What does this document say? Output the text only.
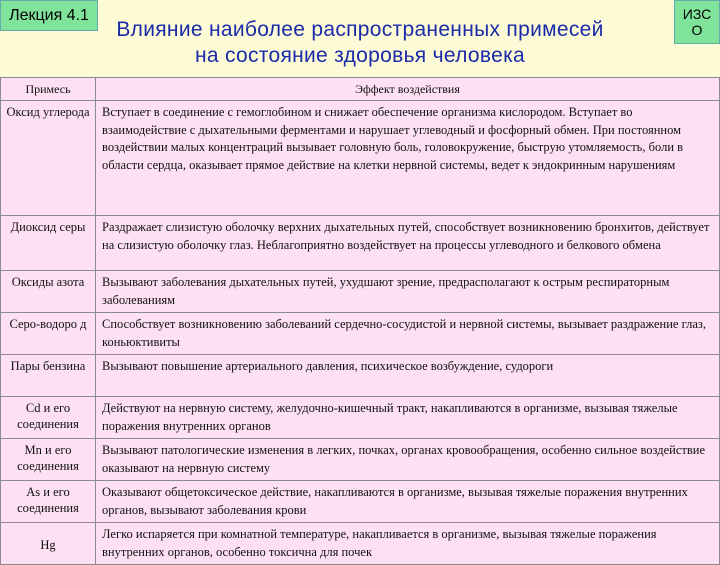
Лекция 4.1	ИЗС
О
Влияние наиболее распространенных примесей
на состояние здоровья человека
Примесь	Эффект воздействия
Оксид углерода	Вступает в соединение с гемоглобином и снижает обеспечение организма кислородом. Вступает во взаимодействие с дыхательными ферментами и нарушает углеводный и фосфорный обмен. При постоянном воздействии малых концентраций вызывает головную боль, головокружение, быструю утомляемость, боли в области сердца, оказывает прямое действие на клетки нервной системы, ведет к эндокринным нарушениям
Диоксид серы	Раздражает слизистую оболочку верхних дыхательных путей, способствует возникновению бронхитов, действует на слизистую оболочку глаз. Неблагоприятно воздействует на процессы углеводного и белкового обмена
Оксиды азота	Вызывают заболевания дыхательных путей, ухудшают зрение, предрасполагают к острым респираторным заболеваниям
Серо-водоро д	Способствует возникновению заболеваний сердечно-сосудистой и нервной системы, вызывает раздражение глаз, коньюктивиты
Пары бензина	Вызывают повышение артериального давления, психическое возбуждение, судороги
Cd и его соединения	Действуют на нервную систему, желудочно-кишечный тракт, накапливаются в организме, вызывая тяжелые поражения внутренних органов
Mn и его соединения	Вызывают патологические изменения в легких, почках, органах кровообращения, особенно сильное воздействие оказывают на нервную систему
As и его соединения	Оказывают общетоксическое действие, накапливаются в организме, вызывая тяжелые поражения внутренних органов, вызывают заболевания крови
Hg	Легко испаряется при комнатной температуре, накапливается в организме, вызывая тяжелые поражения внутренних органов, особенно токсична для почек
